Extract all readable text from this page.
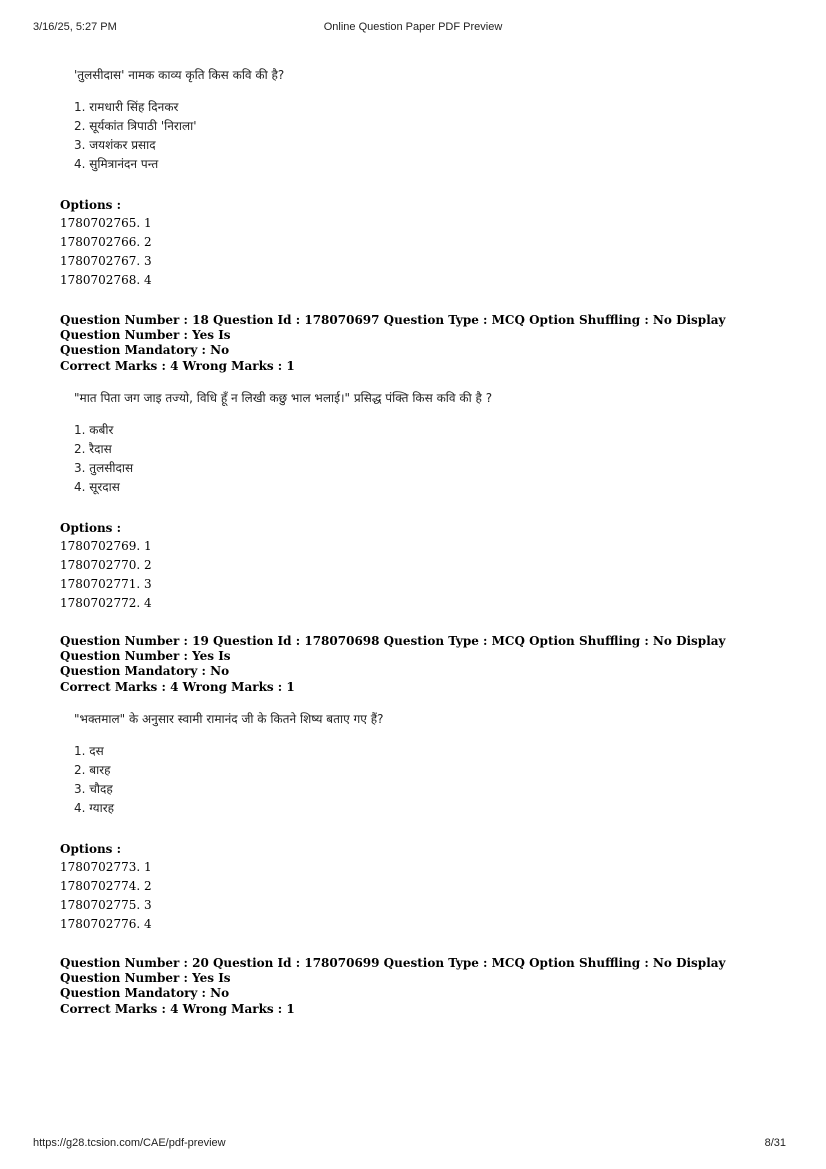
3/16/25, 5:27 PM	Online Question Paper PDF Preview
'तुलसीदास' नामक काव्य कृति किस कवि की है?
1. रामधारी सिंह दिनकर
2. सूर्यकांत त्रिपाठी 'निराला'
3. जयशंकर प्रसाद
4. सुमित्रानंदन पन्त
Options :
1780702765. 1
1780702766. 2
1780702767. 3
1780702768. 4
Question Number : 18 Question Id : 178070697 Question Type : MCQ Option Shuffling : No Display Question Number : Yes Is
Question Mandatory : No
Correct Marks : 4 Wrong Marks : 1
"मात पिता जग जाइ तज्यो, विधि हूँ न लिखी कछु भाल भलाई।" प्रसिद्ध पंक्ति किस कवि की है ?
1. कबीर
2. रैदास
3. तुलसीदास
4. सूरदास
Options :
1780702769. 1
1780702770. 2
1780702771. 3
1780702772. 4
Question Number : 19 Question Id : 178070698 Question Type : MCQ Option Shuffling : No Display Question Number : Yes Is
Question Mandatory : No
Correct Marks : 4 Wrong Marks : 1
"भक्तमाल" के अनुसार स्वामी रामानंद जी के कितने शिष्य बताए गए हैं?
1. दस
2. बारह
3. चौदह
4. ग्यारह
Options :
1780702773. 1
1780702774. 2
1780702775. 3
1780702776. 4
Question Number : 20 Question Id : 178070699 Question Type : MCQ Option Shuffling : No Display Question Number : Yes Is
Question Mandatory : No
Correct Marks : 4 Wrong Marks : 1
https://g28.tcsion.com/CAE/pdf-preview	8/31
